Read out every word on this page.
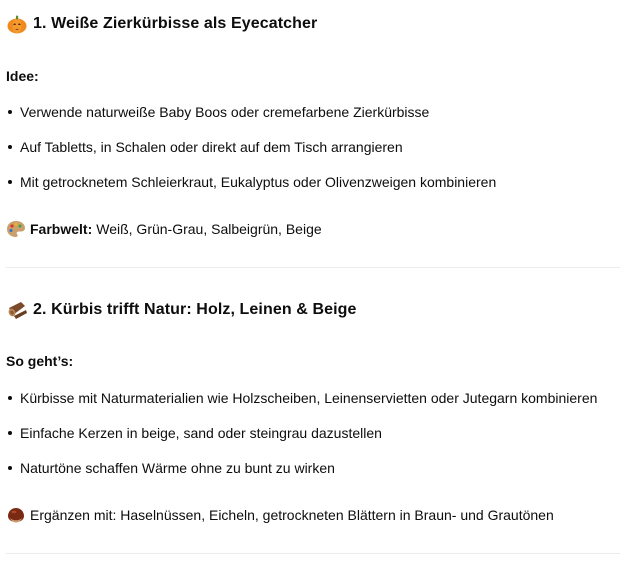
1. Weiße Zierkürbisse als Eyecatcher
Idee:
Verwende naturweiße Baby Boos oder cremefarbene Zierkürbisse
Auf Tabletts, in Schalen oder direkt auf dem Tisch arrangieren
Mit getrocknetem Schleierkraut, Eukalyptus oder Olivenzweigen kombinieren
Farbwelt: Weiß, Grün-Grau, Salbeigrün, Beige
2. Kürbis trifft Natur: Holz, Leinen & Beige
So geht’s:
Kürbisse mit Naturmaterialien wie Holzscheiben, Leinenservietten oder Jutegarn kombinieren
Einfache Kerzen in beige, sand oder steingrau dazustellen
Naturtöne schaffen Wärme ohne zu bunt zu wirken
Ergänzen mit: Haselnüssen, Eicheln, getrockneten Blättern in Braun- und Grautönen
